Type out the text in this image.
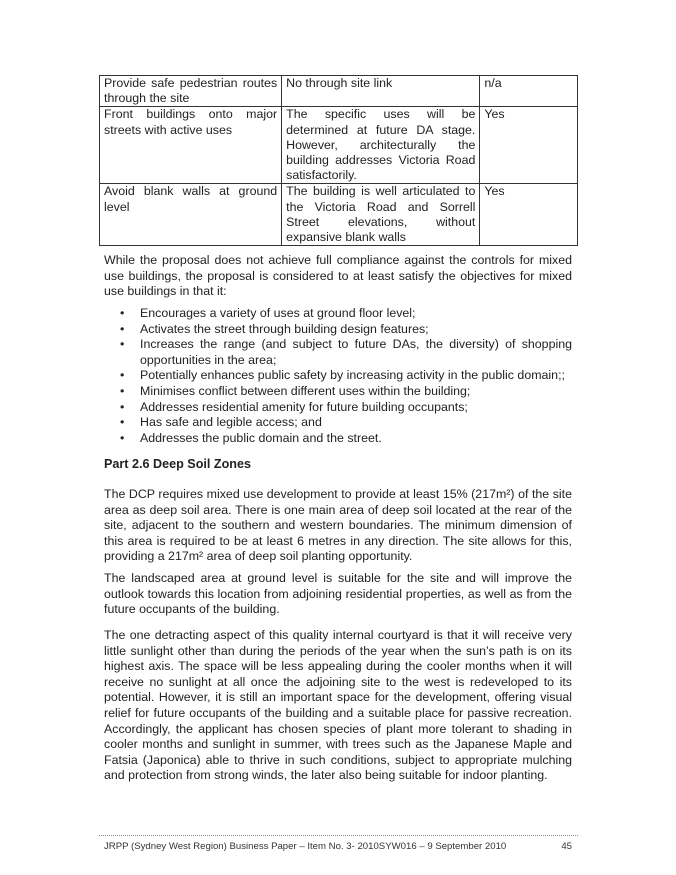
Provide safe pedestrian routes through the site	No through site link	n/a
Front buildings onto major streets with active uses	The specific uses will be determined at future DA stage. However, architecturally the building addresses Victoria Road satisfactorily.	Yes
Avoid blank walls at ground level	The building is well articulated to the Victoria Road and Sorrell Street elevations, without expansive blank walls	Yes

While the proposal does not achieve full compliance against the controls for mixed use buildings, the proposal is considered to at least satisfy the objectives for mixed use buildings in that it:

• Encourages a variety of uses at ground floor level;
• Activates the street through building design features;
• Increases the range (and subject to future DAs, the diversity) of shopping opportunities in the area;
• Potentially enhances public safety by increasing activity in the public domain;;
• Minimises conflict between different uses within the building;
• Addresses residential amenity for future building occupants;
• Has safe and legible access; and
• Addresses the public domain and the street.
Part 2.6 Deep Soil Zones

The DCP requires mixed use development to provide at least 15% (217m²) of the site area as deep soil area. There is one main area of deep soil located at the rear of the site, adjacent to the southern and western boundaries. The minimum dimension of this area is required to be at least 6 metres in any direction. The site allows for this, providing a 217m² area of deep soil planting opportunity.

The landscaped area at ground level is suitable for the site and will improve the outlook towards this location from adjoining residential properties, as well as from the future occupants of the building.

The one detracting aspect of this quality internal courtyard is that it will receive very little sunlight other than during the periods of the year when the sun’s path is on its highest axis. The space will be less appealing during the cooler months when it will receive no sunlight at all once the adjoining site to the west is redeveloped to its potential. However, it is still an important space for the development, offering visual relief for future occupants of the building and a suitable place for passive recreation. Accordingly, the applicant has chosen species of plant more tolerant to shading in cooler months and sunlight in summer, with trees such as the Japanese Maple and Fatsia (Japonica) able to thrive in such conditions, subject to appropriate mulching and protection from strong winds, the later also being suitable for indoor planting.

JRPP (Sydney West Region) Business Paper – Item No. 3- 2010SYW016 – 9 September 2010	45
